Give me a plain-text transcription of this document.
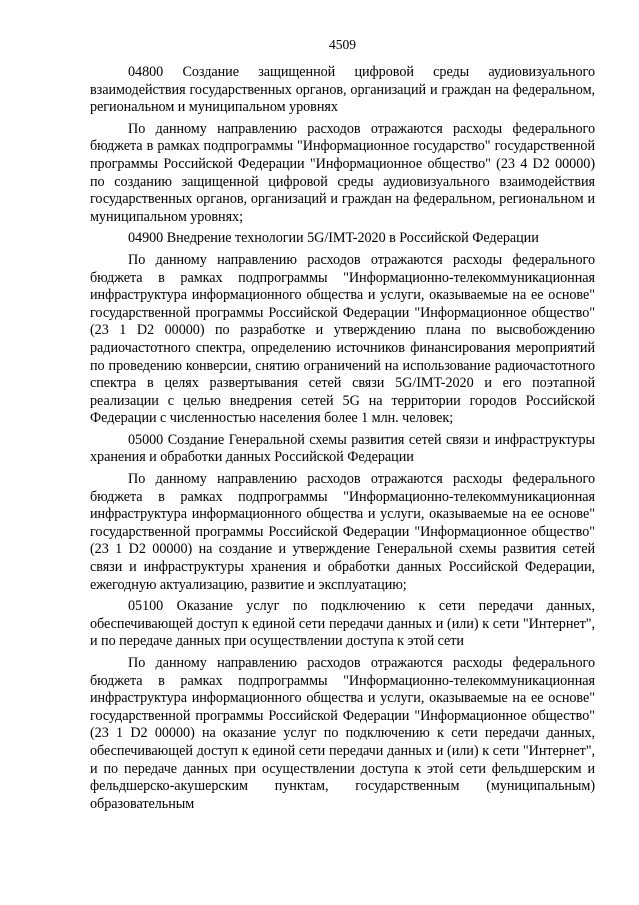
4509

04800 Создание защищенной цифровой среды аудиовизуального взаимодействия государственных органов, организаций и граждан на федеральном, региональном и муниципальном уровнях

По данному направлению расходов отражаются расходы федерального бюджета в рамках подпрограммы "Информационное государство" государственной программы Российской Федерации "Информационное общество" (23 4 D2 00000) по созданию защищенной цифровой среды аудиовизуального взаимодействия государственных органов, организаций и граждан на федеральном, региональном и муниципальном уровнях;

04900 Внедрение технологии 5G/IMT-2020 в Российской Федерации

По данному направлению расходов отражаются расходы федерального бюджета в рамках подпрограммы "Информационно-телекоммуникационная инфраструктура информационного общества и услуги, оказываемые на ее основе" государственной программы Российской Федерации "Информационное общество" (23 1 D2 00000) по разработке и утверждению плана по высвобождению радиочастотного спектра, определению источников финансирования мероприятий по проведению конверсии, снятию ограничений на использование радиочастотного спектра в целях развертывания сетей связи 5G/IMT-2020 и его поэтапной реализации с целью внедрения сетей 5G на территории городов Российской Федерации с численностью населения более 1 млн. человек;

05000 Создание Генеральной схемы развития сетей связи и инфраструктуры хранения и обработки данных Российской Федерации

По данному направлению расходов отражаются расходы федерального бюджета в рамках подпрограммы "Информационно-телекоммуникационная инфраструктура информационного общества и услуги, оказываемые на ее основе" государственной программы Российской Федерации "Информационное общество" (23 1 D2 00000) на создание и утверждение Генеральной схемы развития сетей связи и инфраструктуры хранения и обработки данных Российской Федерации, ежегодную актуализацию, развитие и эксплуатацию;

05100 Оказание услуг по подключению к сети передачи данных, обеспечивающей доступ к единой сети передачи данных и (или) к сети "Интернет", и по передаче данных при осуществлении доступа к этой сети

По данному направлению расходов отражаются расходы федерального бюджета в рамках подпрограммы "Информационно-телекоммуникационная инфраструктура информационного общества и услуги, оказываемые на ее основе" государственной программы Российской Федерации "Информационное общество" (23 1 D2 00000) на оказание услуг по подключению к сети передачи данных, обеспечивающей доступ к единой сети передачи данных и (или) к сети "Интернет", и по передаче данных при осуществлении доступа к этой сети фельдшерским и фельдшерско-акушерским пунктам, государственным (муниципальным) образовательным
